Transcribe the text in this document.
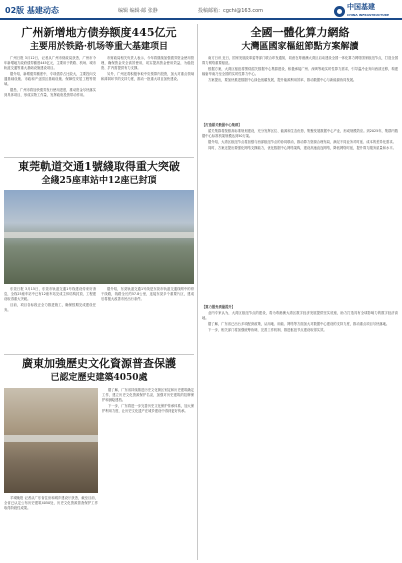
02版 基建动态	编辑 编辑·邮 张静	投稿邮箱：cgchi@163.com	中国基建
CHINA INFRASTRUCTURE
广州新增地方债券额度445亿元
主要用於铁路·机场等重大基建项目

广州日报 3月12日，记者从广州市财政局获悉，广州市今年新增地方政府债券额度445亿元，主要用于铁路、机场、城市轨道交通等重大基础设施建设项目。

据介绍，新增债券额度中，专项债券占比较大，主要投向交通基础设施、市政和产业园区基础设施、保障性安居工程等领域。

据悉，广州市将加快债券发行使用进度，推动资金尽快落实到具体项目，形成实物工作量，发挥政府投资带动作用。

市财政局相关负责人表示，今年将继续加强债券资金使用管理，确保资金安全高效使用，切实提高资金使用效益，为稳投资、扩内需提供有力支撑。

另外，广州还将积极争取中央预算内投资，加大对重点领域和薄弱环节的支持力度，推动一批重大项目加快建设。

東莞軌道交通1號綫取得重大突破
全綫25座車站中12座已封頂

东莞日报 3月15日，东莞市轨道交通1号线建设传来好消息，全线25座车站中已有12座车站完成主体结构封顶，工程建设取得重大突破。

目前，项目各标段正全力推进施工，确保按期完成建设任务。

据介绍，东莞轨道交通1号线是东莞市轨道交通线网中的骨干线路，线路全长约57.8公里，连接东莞多个重要片区，建成后将极大改善市民出行条件。

廣東加強歷史文化資源普查保護
已認定歷史建築4050處

据了解，广东省持续推进历史文化街区划定和历史建筑确定工作，建立历史文化资源保护名录，加强对历史建筑的挂牌保护和测绘建档。

下一步，广东将进一步完善历史文化保护传承体系，加大保护利用力度，让历史文化遗产在城乡建设中得到更好传承。

羊城晚报 记者从广东省住房和城乡建设厅获悉，截至目前，全省已认定公布历史建筑4050处，历史文化资源普查保护工作取得阶段性成果。

全國一體化算力網絡
大灣區國家樞紐節點方案解讀

南方日讯 近日，国家发展改革委等部门联合印发通知，同意在粤港澳大湾区启动建设全国一体化算力网络国家枢纽节点，打造全国算力网络重要枢纽。

根据方案，大湾区枢纽将围绕韶关数据中心集群建设，积极承接广州、深圳等地实时性算力需求，引导温冷业务向西部迁移，构建辐射华南乃至全国的实时性算力中心。

方案提出，要加快推进数据中心绿色低碳发展，提升能源利用效率，推动数据中心与新能源协同发展。

【打造韶关数据中心集群】

韶关集群将按照高标准规划建设，充分发挥区位、能源和生态优势，集聚发展数据中心产业，形成规模效应。到2025年，集群内数据中心标准机架规模达到50万架。

据介绍，大湾区枢纽节点将加强与西部枢纽节点的协同联动，推动算力资源合理布局，满足不同业务对时延、成本的差异化需求。

同时，方案还提出要强化网络支撑能力，优化数据中心网络架构，建设高速直连网络，降低网络时延，提升算力服务质量和水平。

【算力服务质量提升】

业内专家认为，大湾区枢纽节点的建设，将为粤港澳大湾区数字经济发展提供坚实底座，助力打造具有全球影响力的数字经济高地。

据了解，广东省已出台多项配套政策，从用地、用能、网络等方面加大对数据中心建设的支持力度，推动重点项目尽快落地。

下一步，相关部门将加强统筹协调，完善工作机制，推进枢纽节点建设取得实效。
